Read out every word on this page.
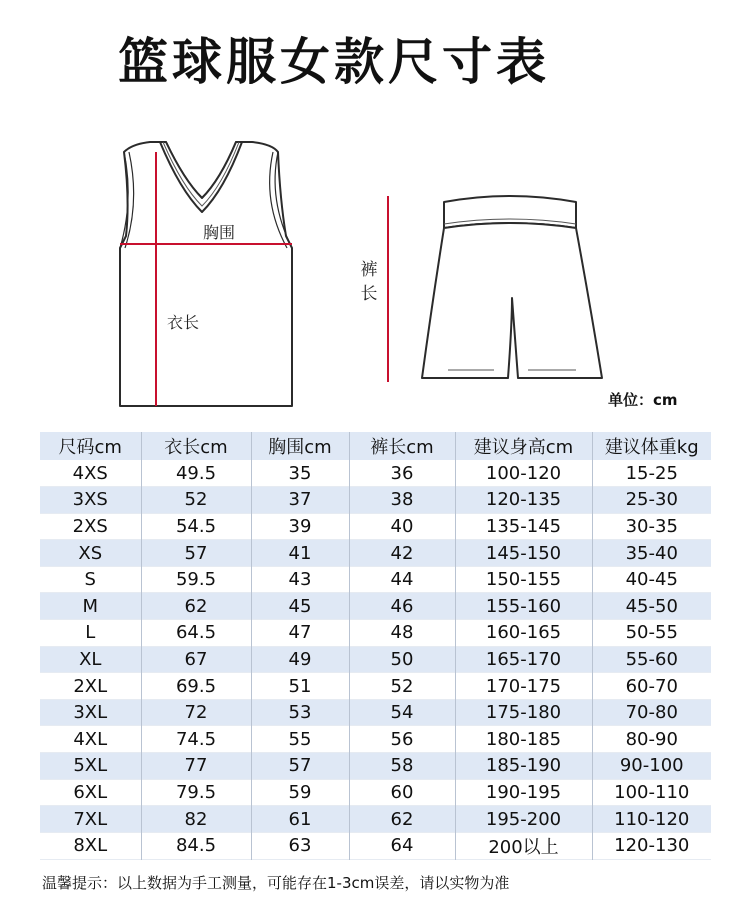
篮球服女款尺寸表
胸围
衣长
裤长
单位：cm
尺码cm	衣长cm	胸围cm	裤长cm	建议身高cm	建议体重kg
4XS	49.5	35	36	100-120	15-25
3XS	52	37	38	120-135	25-30
2XS	54.5	39	40	135-145	30-35
XS	57	41	42	145-150	35-40
S	59.5	43	44	150-155	40-45
M	62	45	46	155-160	45-50
L	64.5	47	48	160-165	50-55
XL	67	49	50	165-170	55-60
2XL	69.5	51	52	170-175	60-70
3XL	72	53	54	175-180	70-80
4XL	74.5	55	56	180-185	80-90
5XL	77	57	58	185-190	90-100
6XL	79.5	59	60	190-195	100-110
7XL	82	61	62	195-200	110-120
8XL	84.5	63	64	200以上	120-130
温馨提示：以上数据为手工测量，可能存在1-3cm误差，请以实物为准
